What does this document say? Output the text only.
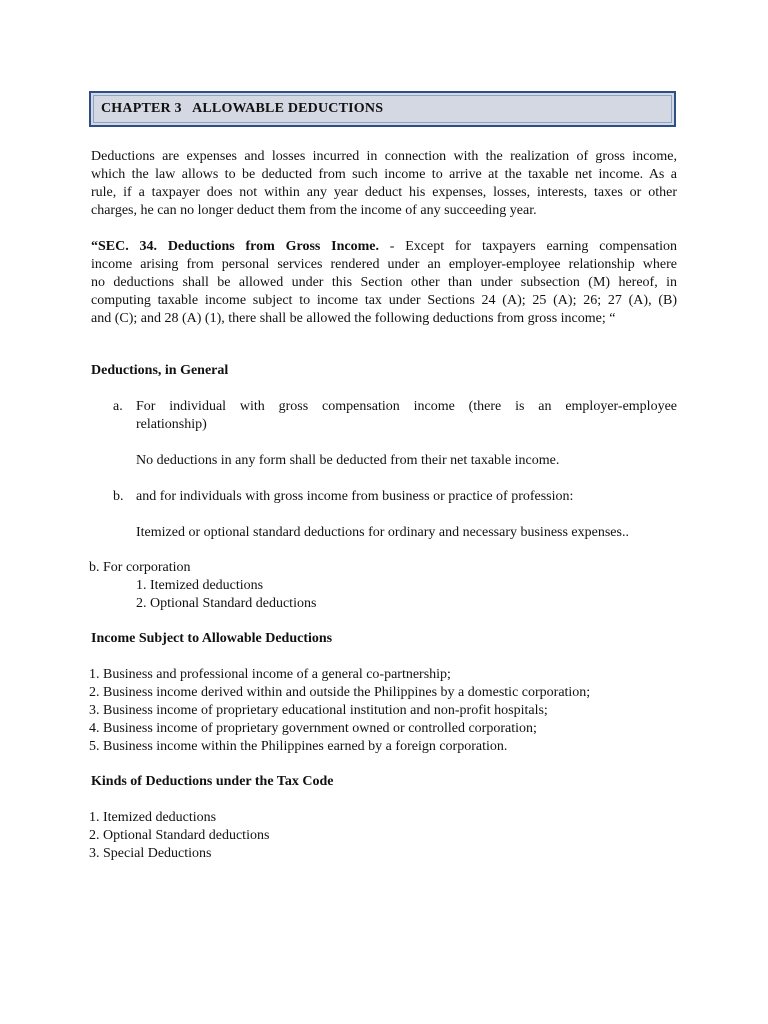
CHAPTER 3   ALLOWABLE DEDUCTIONS

Deductions are expenses and losses incurred in connection with the realization of gross income,

which the law allows to be deducted from such income to arrive at the taxable net income. As a

rule, if a taxpayer does not within any year deduct his expenses, losses, interests, taxes or other

charges, he can no longer deduct them from the income of any succeeding year.

“SEC. 34. Deductions from Gross Income. - Except for taxpayers earning compensation

income arising from personal services rendered under an employer-employee relationship where

no deductions shall be allowed under this Section other than under subsection (M) hereof, in

computing taxable income subject to income tax under Sections 24 (A); 25 (A); 26; 27 (A), (B)

and (C); and 28 (A) (1), there shall be allowed the following deductions from gross income; “

Deductions, in General
a. For individual with gross compensation income (there is an employer-employee

relationship)

No deductions in any form shall be deducted from their net taxable income.
b. and for individuals with gross income from business or practice of profession:
Itemized or optional standard deductions for ordinary and necessary business expenses..
b. For corporation
1. Itemized deductions
2. Optional Standard deductions
Income Subject to Allowable Deductions
1. Business and professional income of a general co-partnership;
2. Business income derived within and outside the Philippines by a domestic corporation;
3. Business income of proprietary educational institution and non-profit hospitals;
4. Business income of proprietary government owned or controlled corporation;
5. Business income within the Philippines earned by a foreign corporation.
Kinds of Deductions under the Tax Code
1. Itemized deductions
2. Optional Standard deductions
3. Special Deductions
